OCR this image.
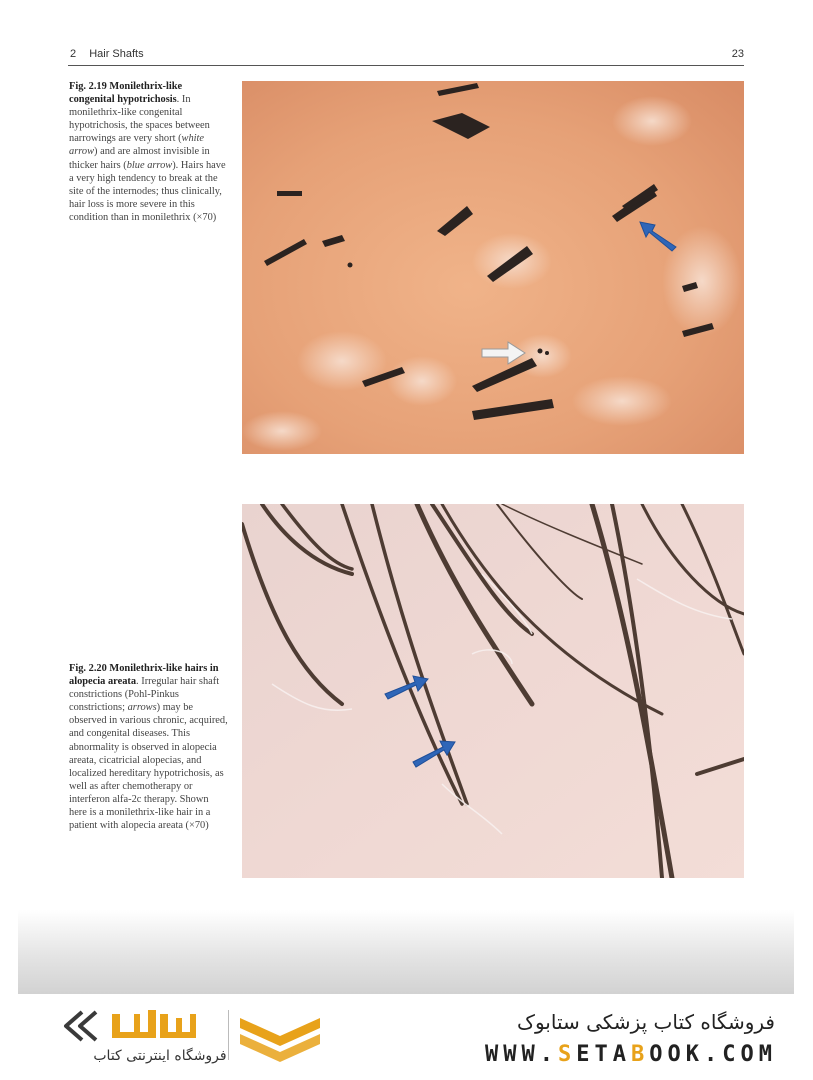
2 Hair Shafts	23
Fig. 2.19 Monilethrix-like congenital hypotrichosis. In monilethrix-like congenital hypotrichosis, the spaces between narrowings are very short (white arrow) and are almost invisible in thicker hairs (blue arrow). Hairs have a very high tendency to break at the site of the internodes; thus clinically, hair loss is more severe in this condition than in monilethrix (×70)
Fig. 2.20 Monilethrix-like hairs in alopecia areata. Irregular hair shaft constrictions (Pohl-Pinkus constrictions; arrows) may be observed in various chronic, acquired, and congenital diseases. This abnormality is observed in alopecia areata, cicatricial alopecias, and localized hereditary hypotrichosis, as well as after chemotherapy or interferon alfa-2c therapy. Shown here is a monilethrix-like hair in a patient with alopecia areata (×70)
فروشگاه اینترنتی کتاب
فروشگاه کتاب پزشکی ستابوک
WWW.SETABOOK.COM
